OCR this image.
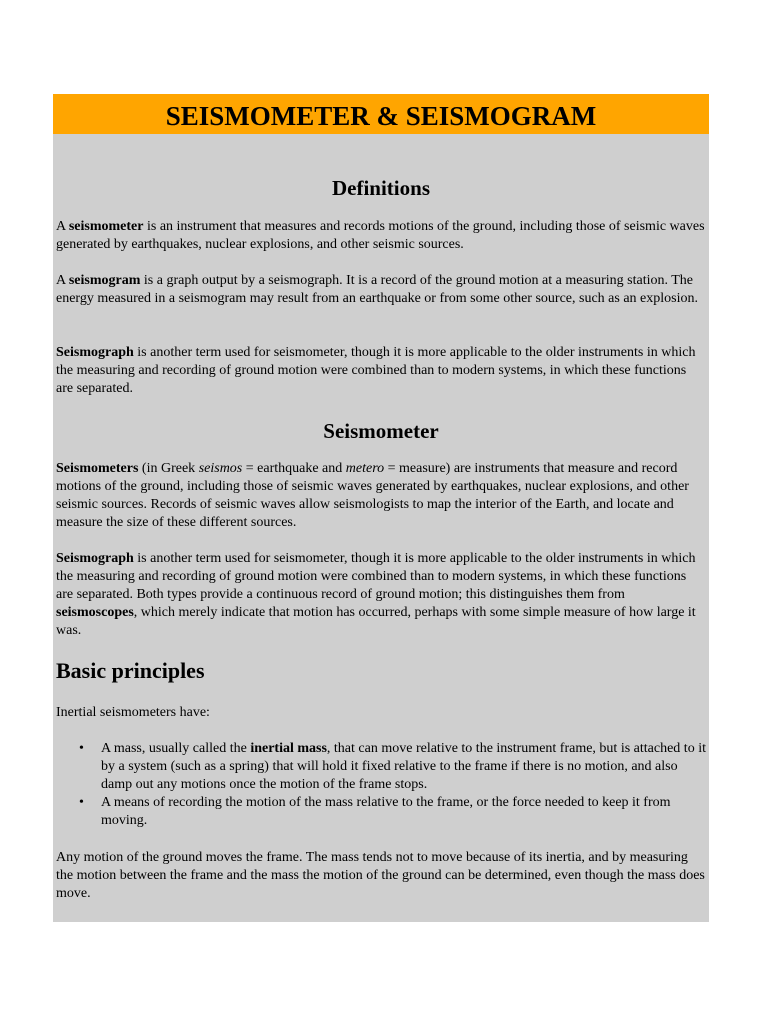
SEISMOMETER & SEISMOGRAM
Definitions
A seismometer is an instrument that measures and records motions of the ground, including those of seismic waves generated by earthquakes, nuclear explosions, and other seismic sources.
A seismogram is a graph output by a seismograph. It is a record of the ground motion at a measuring station. The energy measured in a seismogram may result from an earthquake or from some other source, such as an explosion.
Seismograph is another term used for seismometer, though it is more applicable to the older instruments in which the measuring and recording of ground motion were combined than to modern systems, in which these functions are separated.
Seismometer
Seismometers (in Greek seismos = earthquake and metero = measure) are instruments that measure and record motions of the ground, including those of seismic waves generated by earthquakes, nuclear explosions, and other seismic sources. Records of seismic waves allow seismologists to map the interior of the Earth, and locate and measure the size of these different sources.
Seismograph is another term used for seismometer, though it is more applicable to the older instruments in which the measuring and recording of ground motion were combined than to modern systems, in which these functions are separated. Both types provide a continuous record of ground motion; this distinguishes them from seismoscopes, which merely indicate that motion has occurred, perhaps with some simple measure of how large it was.
Basic principles
Inertial seismometers have:
• A mass, usually called the inertial mass, that can move relative to the instrument frame, but is attached to it by a system (such as a spring) that will hold it fixed relative to the frame if there is no motion, and also damp out any motions once the motion of the frame stops.
• A means of recording the motion of the mass relative to the frame, or the force needed to keep it from moving.
Any motion of the ground moves the frame. The mass tends not to move because of its inertia, and by measuring the motion between the frame and the mass the motion of the ground can be determined, even though the mass does move.
